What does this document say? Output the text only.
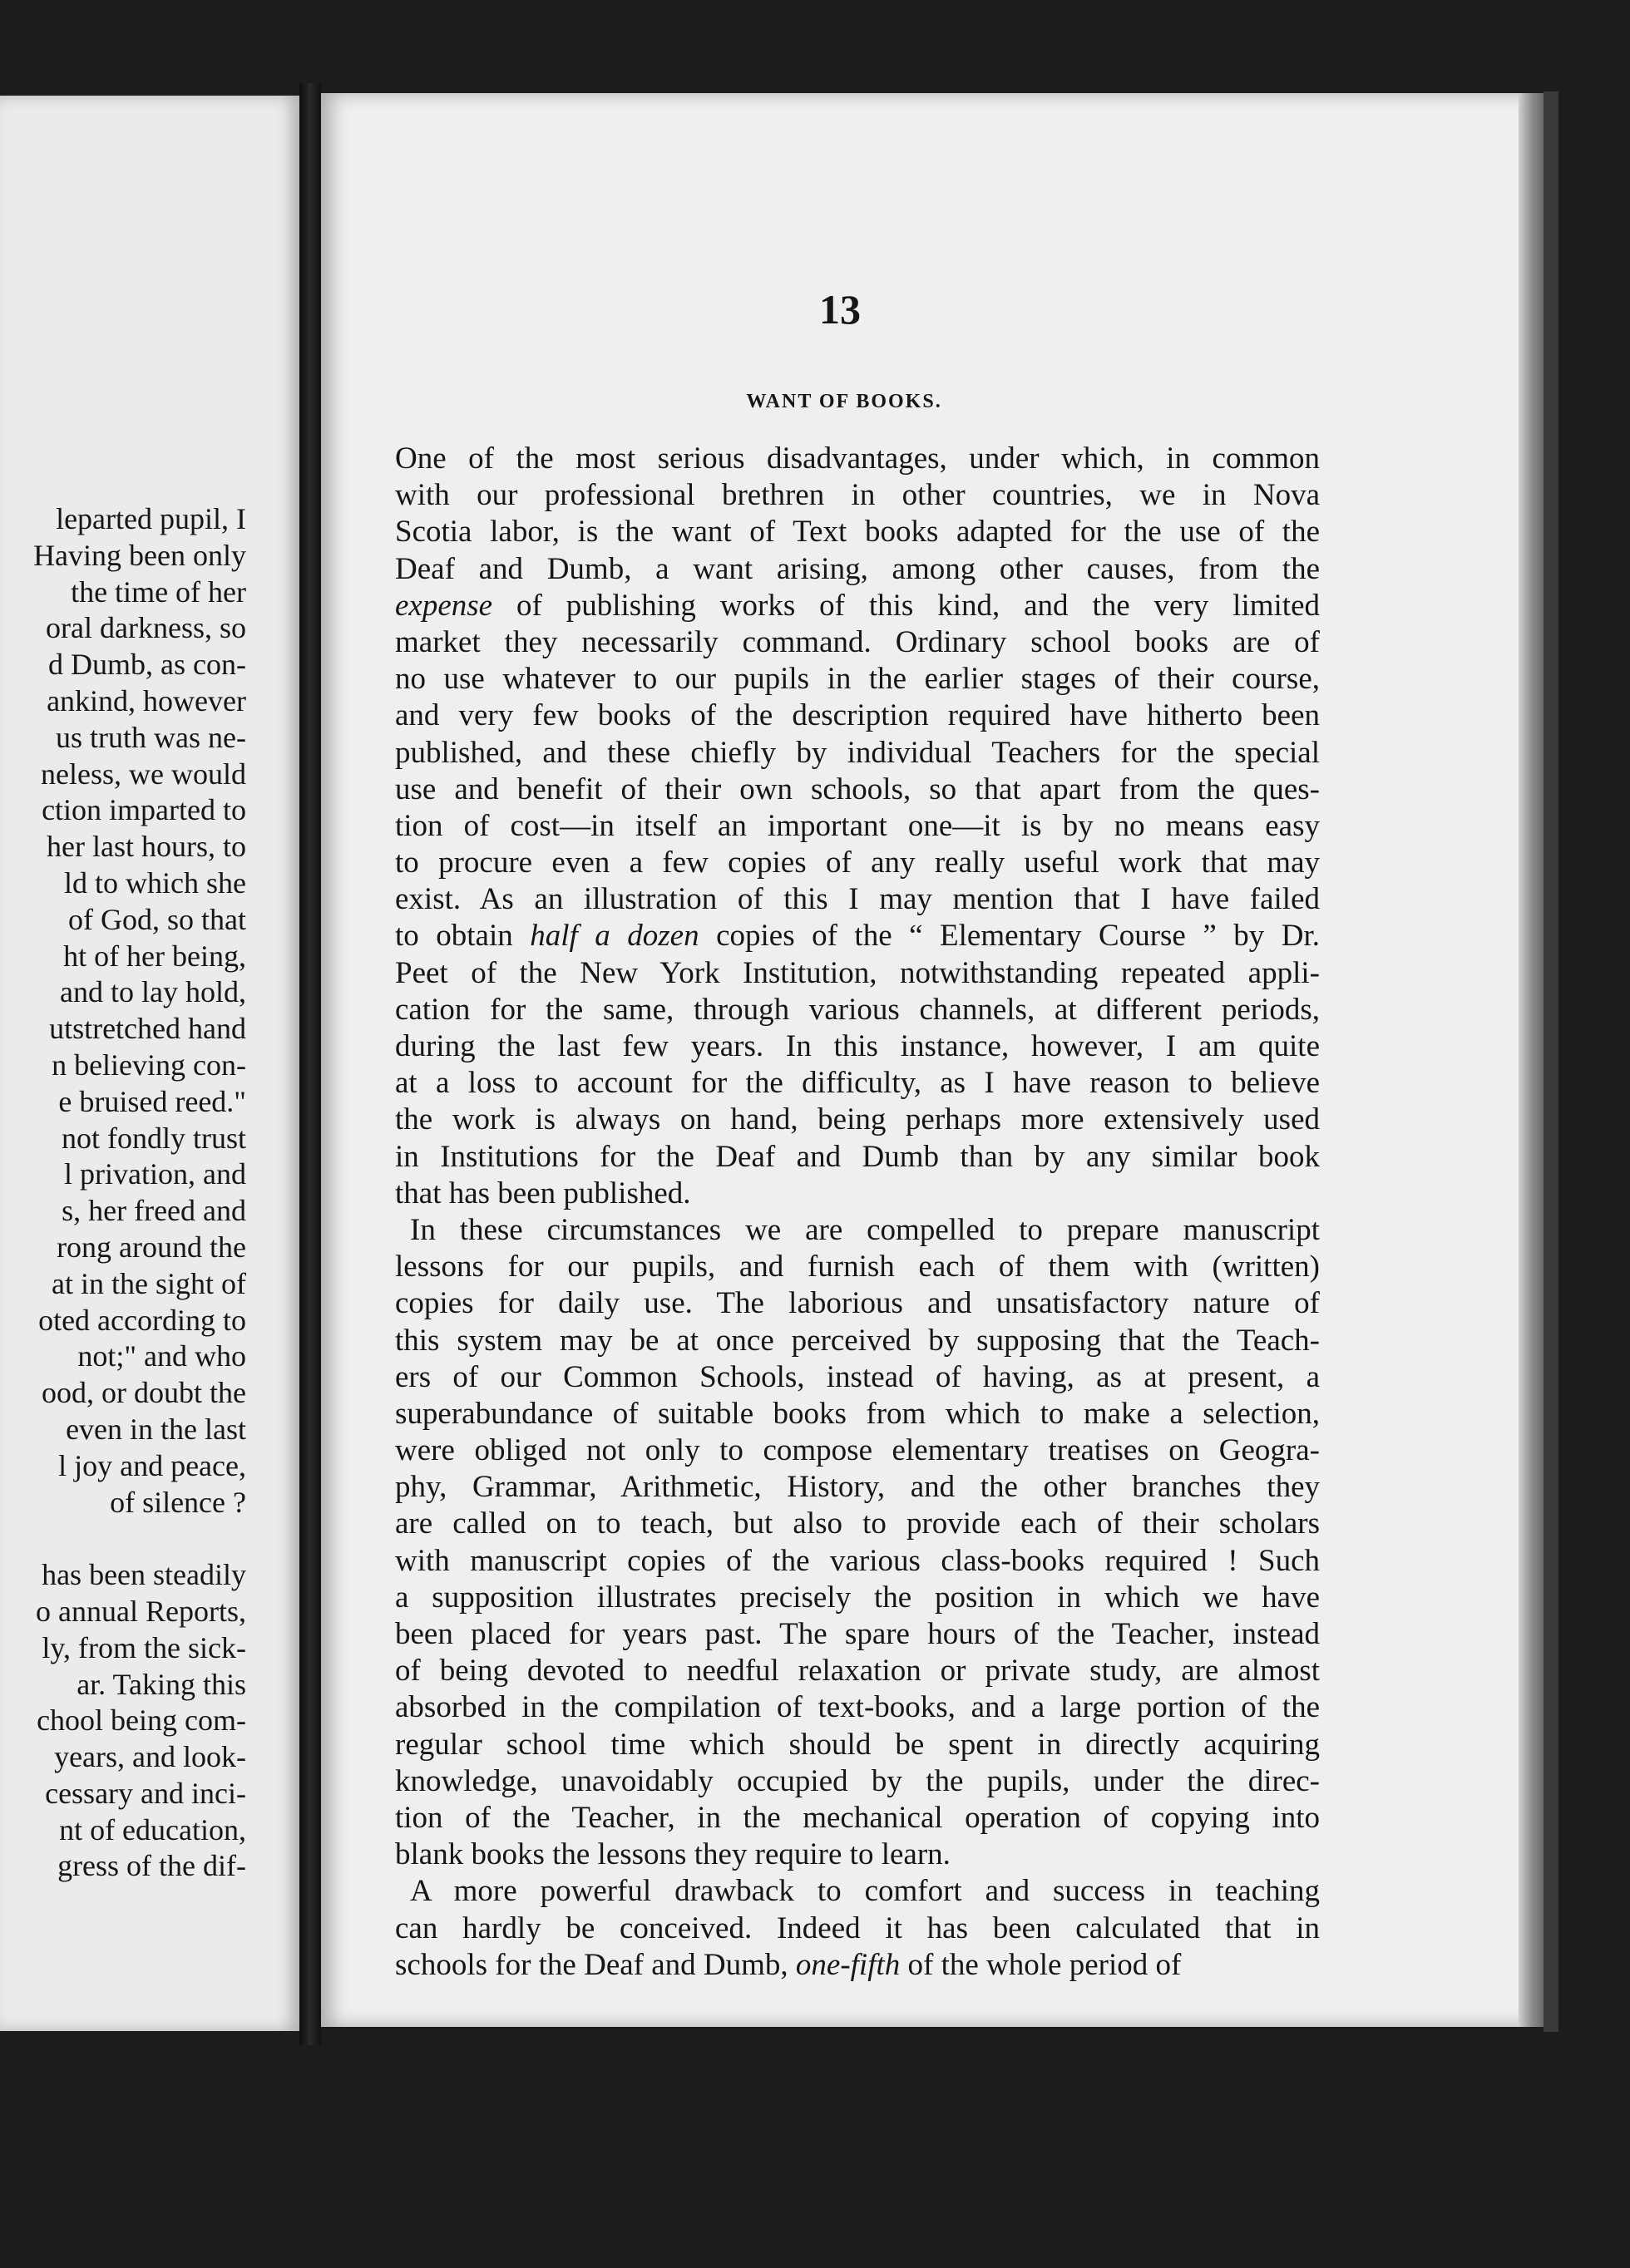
leparted pupil, I
Having been only
the time of her
oral darkness, so
d Dumb, as con-
ankind, however
us truth was ne-
neless, we would
ction imparted to
her last hours, to
ld to which she
of God, so that
ht of her being,
and to lay hold,
utstretched hand
n believing con-
e bruised reed."
not fondly trust
l privation, and
s, her freed and
rong around the
at in the sight of
oted according to
not;" and who
ood, or doubt the
even in the last
l joy and peace,
of silence ?
has been steadily
o annual Reports,
ly, from the sick-
ar. Taking this
chool being com-
years, and look-
cessary and inci-
nt of education,
gress of the dif-
13
WANT OF BOOKS.
One of the most serious disadvantages, under which, in common
with our professional brethren in other countries, we in Nova
Scotia labor, is the want of Text books adapted for the use of the
Deaf and Dumb, a want arising, among other causes, from the
expense of publishing works of this kind, and the very limited
market they necessarily command. Ordinary school books are of
no use whatever to our pupils in the earlier stages of their course,
and very few books of the description required have hitherto been
published, and these chiefly by individual Teachers for the special
use and benefit of their own schools, so that apart from the ques-
tion of cost—in itself an important one—it is by no means easy
to procure even a few copies of any really useful work that may
exist. As an illustration of this I may mention that I have failed
to obtain half a dozen copies of the “ Elementary Course ” by Dr.
Peet of the New York Institution, notwithstanding repeated appli-
cation for the same, through various channels, at different periods,
during the last few years. In this instance, however, I am quite
at a loss to account for the difficulty, as I have reason to believe
the work is always on hand, being perhaps more extensively used
in Institutions for the Deaf and Dumb than by any similar book
that has been published.
In these circumstances we are compelled to prepare manuscript
lessons for our pupils, and furnish each of them with (written)
copies for daily use. The laborious and unsatisfactory nature of
this system may be at once perceived by supposing that the Teach-
ers of our Common Schools, instead of having, as at present, a
superabundance of suitable books from which to make a selection,
were obliged not only to compose elementary treatises on Geogra-
phy, Grammar, Arithmetic, History, and the other branches they
are called on to teach, but also to provide each of their scholars
with manuscript copies of the various class-books required ! Such
a supposition illustrates precisely the position in which we have
been placed for years past. The spare hours of the Teacher, instead
of being devoted to needful relaxation or private study, are almost
absorbed in the compilation of text-books, and a large portion of the
regular school time which should be spent in directly acquiring
knowledge, unavoidably occupied by the pupils, under the direc-
tion of the Teacher, in the mechanical operation of copying into
blank books the lessons they require to learn.
A more powerful drawback to comfort and success in teaching
can hardly be conceived. Indeed it has been calculated that in
schools for the Deaf and Dumb, one-fifth of the whole period of
